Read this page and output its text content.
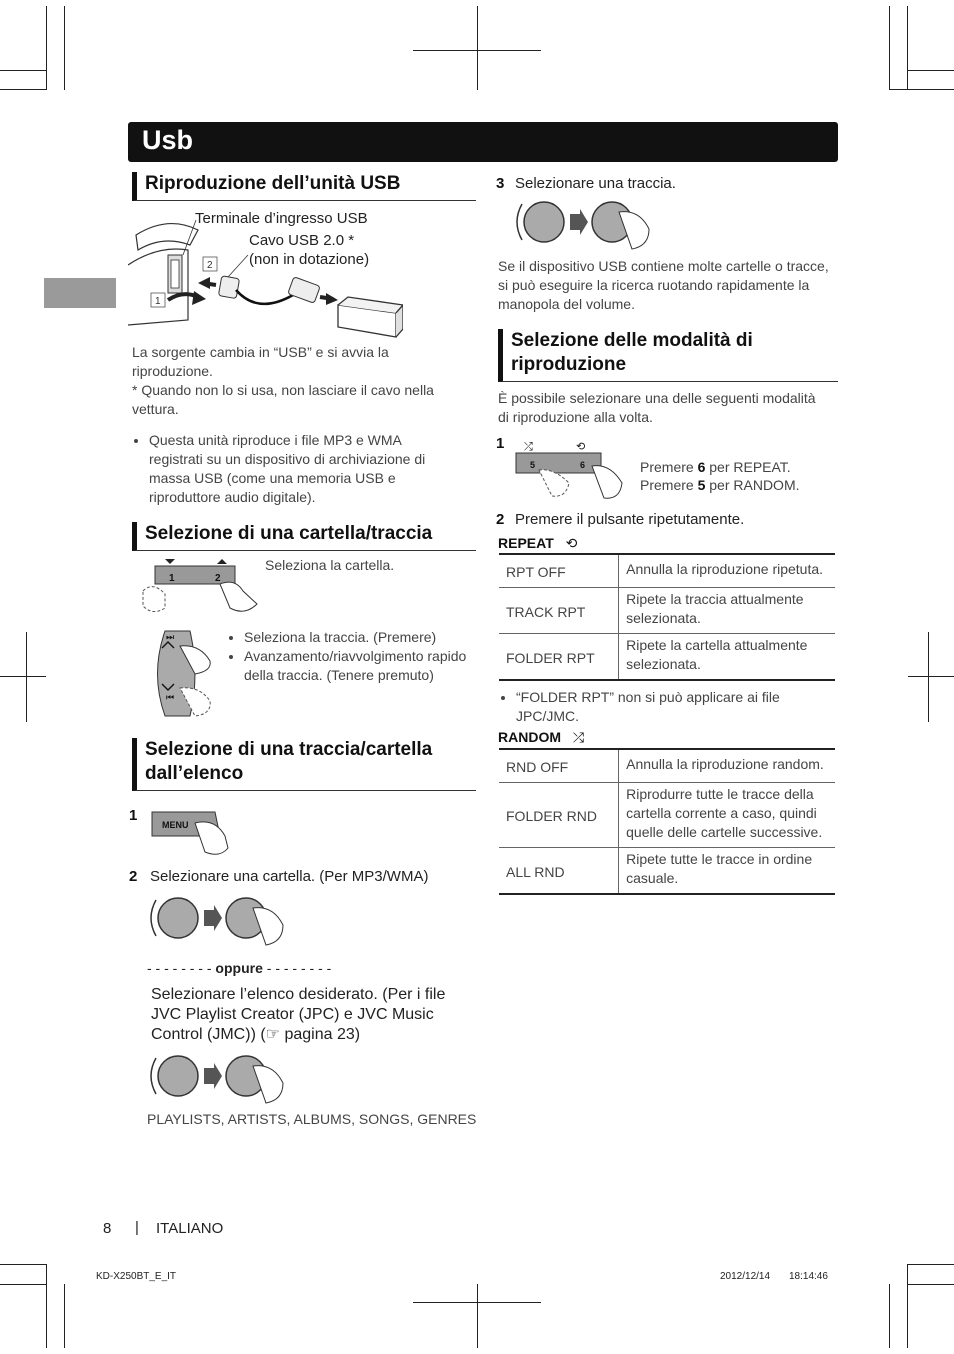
Usb
Riproduzione dell’unità USB
2
1
Terminale d’ingresso USB
Cavo USB 2.0 *
(non in dotazione)
La sorgente cambia in “USB” e si avvia la riproduzione.
* Quando non lo si usa, non lasciare il cavo nella vettura.
• Questa unità riproduce i file MP3 e WMA registrati su un dispositivo di archiviazione di massa USB (come una memoria USB e riproduttore audio digitale).
Selezione di una cartella/traccia
1	2
Seleziona la cartella.
⏭
⏮
• Seleziona la traccia. (Premere)
• Avanzamento/riavvolgimento rapido della traccia. (Tenere premuto)
Selezione di una traccia/cartella dall’elenco
1
MENU
2 Selezionare una cartella. (Per MP3/WMA)
- - - - - - - - oppure - - - - - - - -
Selezionare l’elenco desiderato. (Per i file JVC Playlist Creator (JPC) e JVC Music Control (JMC)) (☞ pagina 23)
PLAYLISTS, ARTISTS, ALBUMS, SONGS, GENRES
3 Selezionare una traccia.
Se il dispositivo USB contiene molte cartelle o tracce, si può eseguire la ricerca ruotando rapidamente la manopola del volume.
Selezione delle modalità di riproduzione
È possibile selezionare una delle seguenti modalità di riproduzione alla volta.
1 ⤮	⟲
5	6	Premere 6 per REPEAT.
Premere 5 per RANDOM.
2 Premere il pulsante ripetutamente.
REPEAT ⟲
RPT OFF	Annulla la riproduzione ripetuta.
TRACK RPT	Ripete la traccia attualmente selezionata.
FOLDER RPT	Ripete la cartella attualmente selezionata.
• “FOLDER RPT” non si può applicare ai file JPC/JMC.
RANDOM ⤮
RND OFF	Annulla la riproduzione random.
FOLDER RND	Riprodurre tutte le tracce della cartella corrente a caso, quindi quelle delle cartelle successive.
ALL RND	Ripete tutte le tracce in ordine casuale.
8 | ITALIANO
KD-X250BT_E_IT	2012/12/14 18:14:46
